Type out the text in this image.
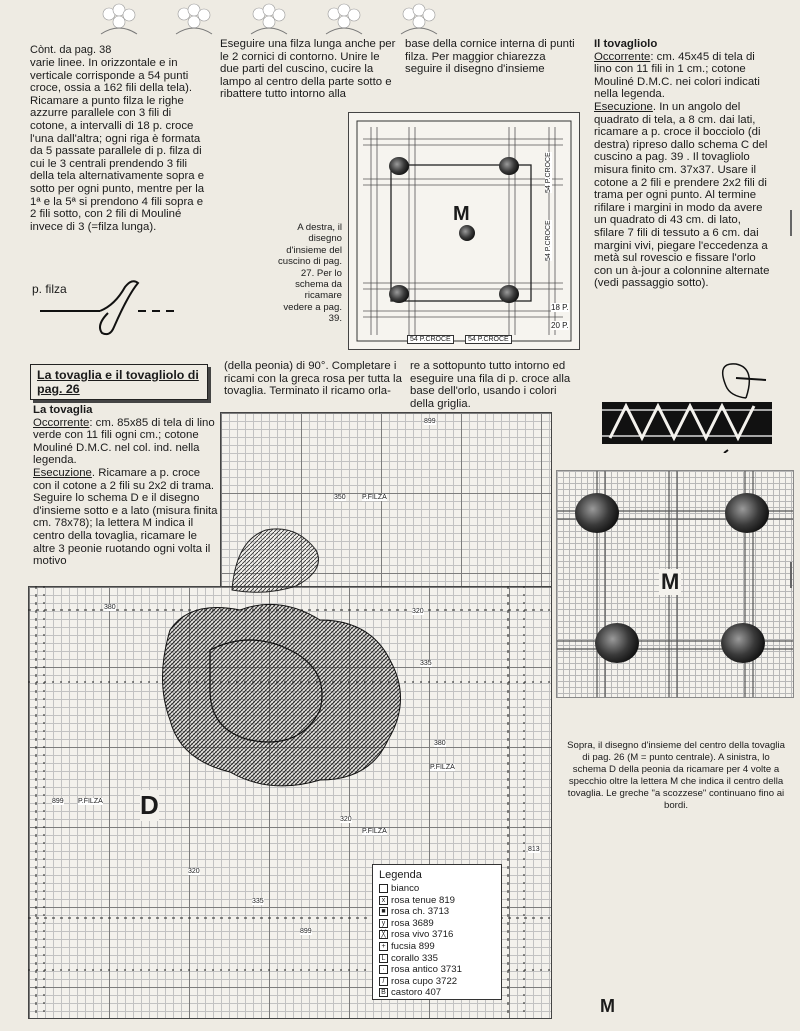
Cònt. da pag. 38
varie linee. In orizzontale e in verticale corrisponde a 54 punti croce, ossia a 162 fili della tela). Ricamare a punto filza le righe azzurre parallele con 3 fili di cotone, a intervalli di 18 p. croce l'una dall'altra; ogni riga è formata da 5 passate parallele di p. filza di cui le 3 centrali prendendo 3 fili della tela alternativamente sopra e sotto per ogni punto, mentre per la 1ª e la 5ª si prendono 4 fili sopra e 2 fili sotto, con 2 fili di Mouliné invece di 3 (=filza lunga).
p. filza
Eseguire una filza lunga anche per le 2 cornici di contorno. Unire le due parti del cuscino, cucire la lampo al centro della parte sotto e ribattere tutto intorno alla
base della cornice interna di punti filza. Per maggior chiarezza seguire il disegno d'insieme
A destra, il disegno d'insieme del cuscino di pag. 27. Per lo schema da ricamare vedere a pag. 39.
M
54 P.CROCE	54 P.CROCE
54 P.CROCE
54 P.CROCE
18 P.
20 P.
Il tovagliolo
Occorrente: cm. 45x45 di tela di lino con 11 fili in 1 cm.; cotone Mouliné D.M.C. nei colori indicati nella legenda.
Esecuzione. In un angolo del quadrato di tela, a 8 cm. dai lati, ricamare a p. croce il bocciolo (di destra) ripreso dallo schema C del cuscino a pag. 39 . Il tovagliolo misura finito cm. 37x37. Usare il cotone a 2 fili e prendere 2x2 fili di trama per ogni punto. Al termine rifilare i margini in modo da avere un quadrato di 43 cm. di lato, sfilare 7 fili di tessuto a 6 cm. dai margini vivi, piegare l'eccedenza a metà sul rovescio e fissare l'orlo con un à-jour a colonnine alternate (vedi passaggio sotto).
La tovaglia e il tovagliolo di pag. 26
La tovaglia
Occorrente: cm. 85x85 di tela di lino verde con 11 fili ogni cm.; cotone Mouliné D.M.C. nel col. ind. nella legenda.
Esecuzione. Ricamare a p. croce con il cotone a 2 fili su 2x2 di trama. Seguire lo schema D e il disegno d'insieme sotto e a lato (misura finita cm. 78x78); la lettera M indica il centro della tovaglia, ricamare le altre 3 peonie ruotando ogni volta il motivo
(della peonia) di 90°. Completare i ricami con la greca rosa per tutta la tovaglia. Terminato il ricamo orla-
re a sottopunto tutto intorno ed eseguire una fila di p. croce alla base dell'orlo, usando i colori della griglia.
M
Sopra, il disegno d'insieme del centro della tovaglia di pag. 26 (M = punto centrale). A sinistra, lo schema D della peonia da ricamare per 4 volte a specchio oltre la lettera M che indica il centro della tovaglia. Le greche "a scozzese" continuano fino ai bordi.
D
M
899
350 P.FILZA
380
320
335
380
P.FILZA
899 P.FILZA
320
P.FILZA
813
320
335
899
Legenda
bianco
x rosa tenue 819
■ rosa ch. 3713
y rosa 3689
╳ rosa vivo 3716
+ fucsia 899
L corallo 335
· rosa antico 3731
/ rosa cupo 3722
B castoro 407
